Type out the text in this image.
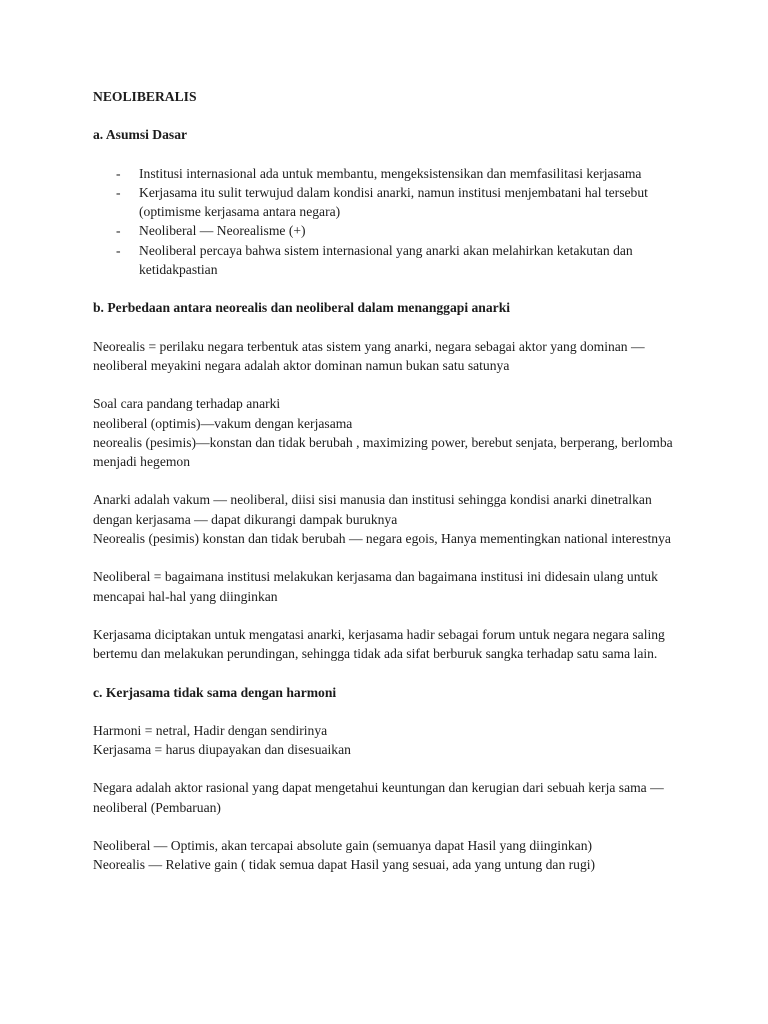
NEOLIBERALIS
a. Asumsi Dasar
- Institusi internasional ada untuk membantu, mengeksistensikan dan memfasilitasi kerjasama
- Kerjasama itu sulit terwujud dalam kondisi anarki, namun institusi menjembatani hal tersebut (optimisme kerjasama antara negara)
- Neoliberal — Neorealisme (+)
- Neoliberal percaya bahwa sistem internasional yang anarki akan melahirkan ketakutan dan ketidakpastian
b. Perbedaan antara neorealis dan neoliberal dalam menanggapi anarki
Neorealis = perilaku negara terbentuk atas sistem yang anarki, negara sebagai aktor yang dominan — neoliberal meyakini negara adalah aktor dominan namun bukan satu satunya
Soal cara pandang terhadap anarki
neoliberal (optimis)—vakum dengan kerjasama
neorealis (pesimis)—konstan dan tidak berubah , maximizing power, berebut senjata, berperang, berlomba menjadi hegemon
Anarki adalah vakum — neoliberal, diisi sisi manusia dan institusi sehingga kondisi anarki dinetralkan dengan kerjasama — dapat dikurangi dampak buruknya
Neorealis (pesimis) konstan dan tidak berubah — negara egois, Hanya mementingkan national interestnya
Neoliberal = bagaimana institusi melakukan kerjasama dan bagaimana institusi ini didesain ulang untuk mencapai hal-hal yang diinginkan
Kerjasama diciptakan untuk mengatasi anarki, kerjasama hadir sebagai forum untuk negara negara saling bertemu dan melakukan perundingan, sehingga tidak ada sifat berburuk sangka terhadap satu sama lain.
c. Kerjasama tidak sama dengan harmoni
Harmoni = netral, Hadir dengan sendirinya
Kerjasama = harus diupayakan dan disesuaikan
Negara adalah aktor rasional yang dapat mengetahui keuntungan dan kerugian dari sebuah kerja sama — neoliberal (Pembaruan)
Neoliberal — Optimis, akan tercapai absolute gain (semuanya dapat Hasil yang diinginkan)
Neorealis — Relative gain ( tidak semua dapat Hasil yang sesuai, ada yang untung dan rugi)
